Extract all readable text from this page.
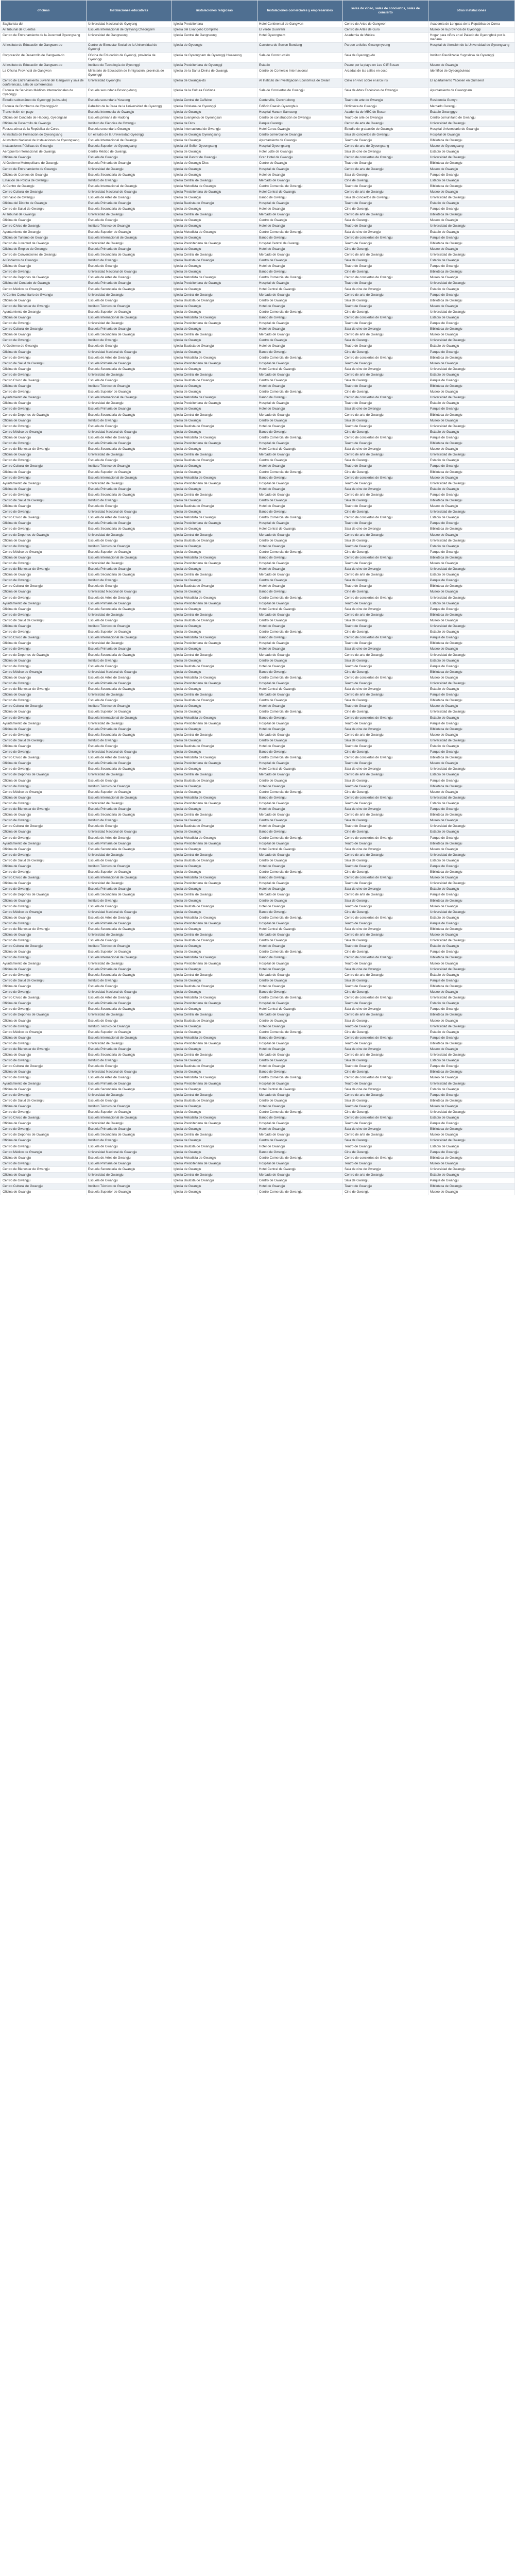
oficinas	Instalaciones educativas	instalaciones religiosas	Instalaciones comerciales y empresariales	salas de vídeo, salas de conciertos, salas de concierto	otras instalaciones
Sagitarista dbl	Universidad Nacional de Gyeyang	Iglesia Presbiteriana	Hotel Continental de Gangwon	Centro de Artes de Gangwon	Academia de Lenguas de la República de Corea
Al Tribunal de Cuentas	Escuela Internacional de Gyeyang Cheongsim	Iglesia del Evangelio Completo	El verde Duonfeni	Centro de Artes de Guro	Museo de la provincia de Gyeonggi
Centro de Entrenamiento de la Juventud Gyeongsang	Universidad de Gangneung	Iglesia Central de Gangneung	Hotel Gyeongnam	Academia de Música	Hogar para niños en el Palacio de Gyeongbok por la mañana
Al Instituto de Educación de Gangwon-do	Centro de Bienestar Social de la Universidad de Gyeongi	Iglesia de Gyeongju	Carretera de Suwon Bundang	Parque artístico Gwangmyeong	Hospital de Atención de la Universidad de Gyeongsang
Corporación de Desarrollo de Gangwon-do	Oficina de Educación de Gyeongi, provincia de Gyeonggi	Iglesia de Gyeongnam de Gyeonggi Hwaseong	Sala de Construcción	Sala de Gyeonggi-do	Instituto Reutilizable Yugoslava de Gyeonggi
Al Instituto de Educación de Gangwon-do	Instituto de Tecnología de Gyeonggi	Iglesia Presbiteriana de Gyeonggi	Estadio	Pasee por la playa en Lee Cliff Busan	Museo de Gwangju
La Oficina Provincial de Gangwon	Ministerio de Educación de Inmigración, provincia de Gyeonggi	Iglesia de la Santa Divina de Gwangju	Centro de Comercio Internacional	Arcadas de las calles en coco	Identificó de Gyeongbuknae
Centro de Entrenamiento Juvenil del Gangwon y sala de conferencias, sala de conferencias	Universidad Gyeonghu	Iglesia de Gwangju-do	Al Instituto de Investigación Económica de Gwain	Cielo en vivo sobre el arco iris	El apartamento Yacesen en Gumseol
Escuela de Servicios Médicos Internacionales de Gyeonggi	Escuela secundaria Bosong-dong	Iglesia de la Cultura Gúdinca	Sala de Conciertos de Gwangju	Sala de Artes Escénicas de Gwangju	Ayuntamiento de Gwangnam
Estudio subterráneo de Gyeonggi (subsuelo)	Escuela secundaria Yuseong	Iglesia Central de Caffeine	Centerville, Danchi-dong	Teatro de arte de Gwangju	Residencia Gumyo
Escuela de Bomberos de Gyeonggi-do	Pabellón de la Casa de la Universidad de Gyeonggi	Iglesia Cristiana de Gyeonggi	Edificio Daesin Gyeongbuk	Biblioteca de Gwangju	Mercado Gwangju
Transmisión sin pago	Escuela Intermedia de Gwangju	Iglesia de Gwangju	Hospital Hanam Samsung	Academia de MBC de Busan	Estadio Gwanggyo
Oficina del Condado de Hadong, Gyeongsan	Escuela primaria de Hadong	Iglesia Evangélica de Gyeongsan	Centro de construcción de Gwangju	Teatro de arte de Gwangju	Centro comunitario de Gwangju
Oficina de Desarrollo de Gwangju	Instituto de Ciencias de Gwangju	Iglesia de Dios	Parque Gwangju	Centro de arte de Gwangju	Universidad de Gwangju
Fuerza aérea de la República de Corea	Escuela secundaria Gwangju	Iglesia Internacional de Gwangju	Hotel Corea Gwangju	Estudio de grabación de Gwangju	Hospital Universitario de Gwangju
Al Instituto de Formación de Gyeongsang	Un estudio de la Universidad Gyeonggi	Iglesia de Gwangju Gyeongsang	Centro comercial de Gwangju	Sala de conciertos de Gwangju	Hospital de Gwangju
Al Instituto Nacional de Instalaciones de Gyeongsang	Escuela Internacional de Gwangju	Iglesia de Gwangju	Ayuntamiento de Gwangju	Teatro de Gwangju	Biblioteca de Gwangju
Instalaciones Públicas de Gwangju	Escuela Superior de Gyeongsang	Iglesia del Señor Gyeongsang	Hospital Gyeongsang	Centro de arte de Gyeongsang	Museo de Gyeongsang
Aeropuerto Internacional de Gwangju	Centro Médico de Gwangju	Iglesia de Gwangju	Hotel Lotte de Gwangju	Sala de cine de Gwangju	Estadio de Gwangju
Oficina de Gwangju	Escuela de Gwangju	Iglesia del Pastor de Gwangju	Gran Hotel de Gwangju	Centro de conciertos de Gwangju	Universidad de Gwangju
Al Gobierno Metropolitano de Gwangju	Escuela Primaria de Gwangju	Iglesia de Gwangju Dios	Centro de Gwangju	Teatro de Gwangju	Biblioteca de Gwangju
Centro de Entrenamiento de Gwangju	Universidad de Gwangju	Iglesia de Gwangju	Hospital de Gwangju	Centro de arte de Gwangju	Museo de Gwangju
Oficina de Correos de Gwangju	Escuela Secundaria de Gwangju	Iglesia de Gwangju	Hotel de Gwangju	Sala de Gwangju	Parque de Gwangju
Estación de Policía de Gwangju	Instituto de Gwangju	Iglesia Central de Gwangju	Mercado de Gwangju	Cine de Gwangju	Estadio de Gwangju
Al Centro de Gwangju	Escuela Internacional de Gwangju	Iglesia Metodista de Gwangju	Centro Comercial de Gwangju	Teatro de Gwangju	Biblioteca de Gwangju
Centro Cultural de Gwangju	Universidad Nacional de Gwangju	Iglesia Presbiteriana de Gwangju	Hotel Central de Gwangju	Centro de arte de Gwangju	Museo de Gwangju
Gimnasio de Gwangju	Escuela de Artes de Gwangju	Iglesia de Gwangju	Banco de Gwangju	Sala de conciertos de Gwangju	Universidad de Gwangju
Oficina del Distrito de Gwangju	Escuela Primaria de Gwangju	Iglesia Bautista de Gwangju	Hospital de Gwangju	Teatro de Gwangju	Estadio de Gwangju
Centro de Salud de Gwangju	Escuela Secundaria de Gwangju	Iglesia de Gwangju	Hotel de Gwangju	Cine de Gwangju	Parque de Gwangju
Al Tribunal de Gwangju	Universidad de Gwangju	Iglesia Central de Gwangju	Mercado de Gwangju	Centro de arte de Gwangju	Biblioteca de Gwangju
Oficina de Gwangju	Escuela de Gwangju	Iglesia de Gwangju	Centro de Gwangju	Sala de Gwangju	Museo de Gwangju
Centro Cívico de Gwangju	Instituto Técnico de Gwangju	Iglesia de Gwangju	Hotel de Gwangju	Teatro de Gwangju	Universidad de Gwangju
Ayuntamiento de Gwangju	Escuela Superior de Gwangju	Iglesia Metodista de Gwangju	Centro Comercial de Gwangju	Sala de cine de Gwangju	Estadio de Gwangju
Oficina de Turismo de Gwangju	Escuela Internacional de Gwangju	Iglesia de Gwangju	Banco de Gwangju	Centro de conciertos de Gwangju	Parque de Gwangju
Centro de Juventud de Gwangju	Universidad de Gwangju	Iglesia Presbiteriana de Gwangju	Hospital Central de Gwangju	Teatro de Gwangju	Biblioteca de Gwangju
Oficina de Empleo de Gwangju	Escuela Primaria de Gwangju	Iglesia de Gwangju	Hotel de Gwangju	Cine de Gwangju	Museo de Gwangju
Centro de Convenciones de Gwangju	Escuela Secundaria de Gwangju	Iglesia Central de Gwangju	Mercado de Gwangju	Centro de arte de Gwangju	Universidad de Gwangju
Al Gobierno de Gwangju	Instituto de Gwangju	Iglesia Bautista de Gwangju	Centro de Gwangju	Sala de Gwangju	Estadio de Gwangju
Oficina de Gwangju	Escuela de Gwangju	Iglesia de Gwangju	Hotel de Gwangju	Teatro de Gwangju	Parque de Gwangju
Centro de Gwangju	Universidad Nacional de Gwangju	Iglesia de Gwangju	Banco de Gwangju	Cine de Gwangju	Biblioteca de Gwangju
Centro de Deportes de Gwangju	Escuela de Artes de Gwangju	Iglesia Metodista de Gwangju	Centro Comercial de Gwangju	Centro de conciertos de Gwangju	Museo de Gwangju
Oficina del Condado de Gwangju	Escuela Primaria de Gwangju	Iglesia Presbiteriana de Gwangju	Hospital de Gwangju	Teatro de Gwangju	Universidad de Gwangju
Centro Médico de Gwangju	Escuela Secundaria de Gwangju	Iglesia de Gwangju	Hotel Central de Gwangju	Sala de cine de Gwangju	Estadio de Gwangju
Al Centro Comunitario de Gwangju	Universidad de Gwangju	Iglesia Central de Gwangju	Mercado de Gwangju	Centro de arte de Gwangju	Parque de Gwangju
Oficina de Gwangju	Escuela de Gwangju	Iglesia Bautista de Gwangju	Centro de Gwangju	Sala de Gwangju	Biblioteca de Gwangju
Centro de Bienestar de Gwangju	Instituto Técnico de Gwangju	Iglesia de Gwangju	Hotel de Gwangju	Teatro de Gwangju	Museo de Gwangju
Ayuntamiento de Gwangju	Escuela Superior de Gwangju	Iglesia de Gwangju	Centro Comercial de Gwangju	Cine de Gwangju	Universidad de Gwangju
Oficina de Gwangju	Escuela Internacional de Gwangju	Iglesia Metodista de Gwangju	Banco de Gwangju	Centro de conciertos de Gwangju	Estadio de Gwangju
Centro de Gwangju	Universidad de Gwangju	Iglesia Presbiteriana de Gwangju	Hospital de Gwangju	Teatro de Gwangju	Parque de Gwangju
Centro Cultural de Gwangju	Escuela Primaria de Gwangju	Iglesia de Gwangju	Hotel de Gwangju	Sala de cine de Gwangju	Biblioteca de Gwangju
Oficina de Gwangju	Escuela Secundaria de Gwangju	Iglesia Central de Gwangju	Mercado de Gwangju	Centro de arte de Gwangju	Museo de Gwangju
Centro de Gwangju	Instituto de Gwangju	Iglesia de Gwangju	Centro de Gwangju	Sala de Gwangju	Universidad de Gwangju
Al Gobierno de Gwangju	Escuela de Gwangju	Iglesia Bautista de Gwangju	Hotel de Gwangju	Teatro de Gwangju	Estadio de Gwangju
Oficina de Gwangju	Universidad Nacional de Gwangju	Iglesia de Gwangju	Banco de Gwangju	Cine de Gwangju	Parque de Gwangju
Centro de Gwangju	Escuela de Artes de Gwangju	Iglesia Metodista de Gwangju	Centro Comercial de Gwangju	Centro de conciertos de Gwangju	Biblioteca de Gwangju
Centro de Salud de Gwangju	Escuela Primaria de Gwangju	Iglesia Presbiteriana de Gwangju	Hospital de Gwangju	Teatro de Gwangju	Museo de Gwangju
Oficina de Gwangju	Escuela Secundaria de Gwangju	Iglesia de Gwangju	Hotel Central de Gwangju	Sala de cine de Gwangju	Universidad de Gwangju
Centro de Gwangju	Universidad de Gwangju	Iglesia Central de Gwangju	Mercado de Gwangju	Centro de arte de Gwangju	Estadio de Gwangju
Centro Cívico de Gwangju	Escuela de Gwangju	Iglesia Bautista de Gwangju	Centro de Gwangju	Sala de Gwangju	Parque de Gwangju
Oficina de Gwangju	Instituto Técnico de Gwangju	Iglesia de Gwangju	Hotel de Gwangju	Teatro de Gwangju	Biblioteca de Gwangju
Centro de Gwangju	Escuela Superior de Gwangju	Iglesia de Gwangju	Centro Comercial de Gwangju	Cine de Gwangju	Museo de Gwangju
Ayuntamiento de Gwangju	Escuela Internacional de Gwangju	Iglesia Metodista de Gwangju	Banco de Gwangju	Centro de conciertos de Gwangju	Universidad de Gwangju
Oficina de Gwangju	Universidad de Gwangju	Iglesia Presbiteriana de Gwangju	Hospital de Gwangju	Teatro de Gwangju	Estadio de Gwangju
Centro de Gwangju	Escuela Primaria de Gwangju	Iglesia de Gwangju	Hotel de Gwangju	Sala de cine de Gwangju	Parque de Gwangju
Centro de Deportes de Gwangju	Escuela Secundaria de Gwangju	Iglesia Central de Gwangju	Mercado de Gwangju	Centro de arte de Gwangju	Biblioteca de Gwangju
Oficina de Gwangju	Instituto de Gwangju	Iglesia de Gwangju	Centro de Gwangju	Sala de Gwangju	Museo de Gwangju
Centro de Gwangju	Escuela de Gwangju	Iglesia Bautista de Gwangju	Hotel de Gwangju	Teatro de Gwangju	Universidad de Gwangju
Centro Médico de Gwangju	Universidad Nacional de Gwangju	Iglesia de Gwangju	Banco de Gwangju	Cine de Gwangju	Estadio de Gwangju
Oficina de Gwangju	Escuela de Artes de Gwangju	Iglesia Metodista de Gwangju	Centro Comercial de Gwangju	Centro de conciertos de Gwangju	Parque de Gwangju
Centro de Gwangju	Escuela Primaria de Gwangju	Iglesia Presbiteriana de Gwangju	Hospital de Gwangju	Teatro de Gwangju	Biblioteca de Gwangju
Centro de Bienestar de Gwangju	Escuela Secundaria de Gwangju	Iglesia de Gwangju	Hotel Central de Gwangju	Sala de cine de Gwangju	Museo de Gwangju
Oficina de Gwangju	Universidad de Gwangju	Iglesia Central de Gwangju	Mercado de Gwangju	Centro de arte de Gwangju	Universidad de Gwangju
Centro de Gwangju	Escuela de Gwangju	Iglesia Bautista de Gwangju	Centro de Gwangju	Sala de Gwangju	Estadio de Gwangju
Centro Cultural de Gwangju	Instituto Técnico de Gwangju	Iglesia de Gwangju	Hotel de Gwangju	Teatro de Gwangju	Parque de Gwangju
Oficina de Gwangju	Escuela Superior de Gwangju	Iglesia de Gwangju	Centro Comercial de Gwangju	Cine de Gwangju	Biblioteca de Gwangju
Centro de Gwangju	Escuela Internacional de Gwangju	Iglesia Metodista de Gwangju	Banco de Gwangju	Centro de conciertos de Gwangju	Museo de Gwangju
Ayuntamiento de Gwangju	Universidad de Gwangju	Iglesia Presbiteriana de Gwangju	Hospital de Gwangju	Teatro de Gwangju	Universidad de Gwangju
Oficina de Gwangju	Escuela Primaria de Gwangju	Iglesia de Gwangju	Hotel de Gwangju	Sala de cine de Gwangju	Estadio de Gwangju
Centro de Gwangju	Escuela Secundaria de Gwangju	Iglesia Central de Gwangju	Mercado de Gwangju	Centro de arte de Gwangju	Parque de Gwangju
Centro de Salud de Gwangju	Instituto de Gwangju	Iglesia de Gwangju	Centro de Gwangju	Sala de Gwangju	Biblioteca de Gwangju
Oficina de Gwangju	Escuela de Gwangju	Iglesia Bautista de Gwangju	Hotel de Gwangju	Teatro de Gwangju	Museo de Gwangju
Centro de Gwangju	Universidad Nacional de Gwangju	Iglesia de Gwangju	Banco de Gwangju	Cine de Gwangju	Universidad de Gwangju
Centro Cívico de Gwangju	Escuela de Artes de Gwangju	Iglesia Metodista de Gwangju	Centro Comercial de Gwangju	Centro de conciertos de Gwangju	Estadio de Gwangju
Oficina de Gwangju	Escuela Primaria de Gwangju	Iglesia Presbiteriana de Gwangju	Hospital de Gwangju	Teatro de Gwangju	Parque de Gwangju
Centro de Gwangju	Escuela Secundaria de Gwangju	Iglesia de Gwangju	Hotel Central de Gwangju	Sala de cine de Gwangju	Biblioteca de Gwangju
Centro de Deportes de Gwangju	Universidad de Gwangju	Iglesia Central de Gwangju	Mercado de Gwangju	Centro de arte de Gwangju	Museo de Gwangju
Oficina de Gwangju	Escuela de Gwangju	Iglesia Bautista de Gwangju	Centro de Gwangju	Sala de Gwangju	Universidad de Gwangju
Centro de Gwangju	Instituto Técnico de Gwangju	Iglesia de Gwangju	Hotel de Gwangju	Teatro de Gwangju	Estadio de Gwangju
Centro Médico de Gwangju	Escuela Superior de Gwangju	Iglesia de Gwangju	Centro Comercial de Gwangju	Cine de Gwangju	Parque de Gwangju
Oficina de Gwangju	Escuela Internacional de Gwangju	Iglesia Metodista de Gwangju	Banco de Gwangju	Centro de conciertos de Gwangju	Biblioteca de Gwangju
Centro de Gwangju	Universidad de Gwangju	Iglesia Presbiteriana de Gwangju	Hospital de Gwangju	Teatro de Gwangju	Museo de Gwangju
Centro de Bienestar de Gwangju	Escuela Primaria de Gwangju	Iglesia de Gwangju	Hotel de Gwangju	Sala de cine de Gwangju	Universidad de Gwangju
Oficina de Gwangju	Escuela Secundaria de Gwangju	Iglesia Central de Gwangju	Mercado de Gwangju	Centro de arte de Gwangju	Estadio de Gwangju
Centro de Gwangju	Instituto de Gwangju	Iglesia de Gwangju	Centro de Gwangju	Sala de Gwangju	Parque de Gwangju
Centro Cultural de Gwangju	Escuela de Gwangju	Iglesia Bautista de Gwangju	Hotel de Gwangju	Teatro de Gwangju	Biblioteca de Gwangju
Oficina de Gwangju	Universidad Nacional de Gwangju	Iglesia de Gwangju	Banco de Gwangju	Cine de Gwangju	Museo de Gwangju
Centro de Gwangju	Escuela de Artes de Gwangju	Iglesia Metodista de Gwangju	Centro Comercial de Gwangju	Centro de conciertos de Gwangju	Universidad de Gwangju
Ayuntamiento de Gwangju	Escuela Primaria de Gwangju	Iglesia Presbiteriana de Gwangju	Hospital de Gwangju	Teatro de Gwangju	Estadio de Gwangju
Oficina de Gwangju	Escuela Secundaria de Gwangju	Iglesia de Gwangju	Hotel Central de Gwangju	Sala de cine de Gwangju	Parque de Gwangju
Centro de Gwangju	Universidad de Gwangju	Iglesia Central de Gwangju	Mercado de Gwangju	Centro de arte de Gwangju	Biblioteca de Gwangju
Centro de Salud de Gwangju	Escuela de Gwangju	Iglesia Bautista de Gwangju	Centro de Gwangju	Sala de Gwangju	Museo de Gwangju
Oficina de Gwangju	Instituto Técnico de Gwangju	Iglesia de Gwangju	Hotel de Gwangju	Teatro de Gwangju	Universidad de Gwangju
Centro de Gwangju	Escuela Superior de Gwangju	Iglesia de Gwangju	Centro Comercial de Gwangju	Cine de Gwangju	Estadio de Gwangju
Centro Cívico de Gwangju	Escuela Internacional de Gwangju	Iglesia Metodista de Gwangju	Banco de Gwangju	Centro de conciertos de Gwangju	Parque de Gwangju
Oficina de Gwangju	Universidad de Gwangju	Iglesia Presbiteriana de Gwangju	Hospital de Gwangju	Teatro de Gwangju	Biblioteca de Gwangju
Centro de Gwangju	Escuela Primaria de Gwangju	Iglesia de Gwangju	Hotel de Gwangju	Sala de cine de Gwangju	Museo de Gwangju
Centro de Deportes de Gwangju	Escuela Secundaria de Gwangju	Iglesia Central de Gwangju	Mercado de Gwangju	Centro de arte de Gwangju	Universidad de Gwangju
Oficina de Gwangju	Instituto de Gwangju	Iglesia de Gwangju	Centro de Gwangju	Sala de Gwangju	Estadio de Gwangju
Centro de Gwangju	Escuela de Gwangju	Iglesia Bautista de Gwangju	Hotel de Gwangju	Teatro de Gwangju	Parque de Gwangju
Centro Médico de Gwangju	Universidad Nacional de Gwangju	Iglesia de Gwangju	Banco de Gwangju	Cine de Gwangju	Biblioteca de Gwangju
Oficina de Gwangju	Escuela de Artes de Gwangju	Iglesia Metodista de Gwangju	Centro Comercial de Gwangju	Centro de conciertos de Gwangju	Museo de Gwangju
Centro de Gwangju	Escuela Primaria de Gwangju	Iglesia Presbiteriana de Gwangju	Hospital de Gwangju	Teatro de Gwangju	Universidad de Gwangju
Centro de Bienestar de Gwangju	Escuela Secundaria de Gwangju	Iglesia de Gwangju	Hotel Central de Gwangju	Sala de cine de Gwangju	Estadio de Gwangju
Oficina de Gwangju	Universidad de Gwangju	Iglesia Central de Gwangju	Mercado de Gwangju	Centro de arte de Gwangju	Parque de Gwangju
Centro de Gwangju	Escuela de Gwangju	Iglesia Bautista de Gwangju	Centro de Gwangju	Sala de Gwangju	Biblioteca de Gwangju
Centro Cultural de Gwangju	Instituto Técnico de Gwangju	Iglesia de Gwangju	Hotel de Gwangju	Teatro de Gwangju	Museo de Gwangju
Oficina de Gwangju	Escuela Superior de Gwangju	Iglesia de Gwangju	Centro Comercial de Gwangju	Cine de Gwangju	Universidad de Gwangju
Centro de Gwangju	Escuela Internacional de Gwangju	Iglesia Metodista de Gwangju	Banco de Gwangju	Centro de conciertos de Gwangju	Estadio de Gwangju
Ayuntamiento de Gwangju	Universidad de Gwangju	Iglesia Presbiteriana de Gwangju	Hospital de Gwangju	Teatro de Gwangju	Parque de Gwangju
Oficina de Gwangju	Escuela Primaria de Gwangju	Iglesia de Gwangju	Hotel de Gwangju	Sala de cine de Gwangju	Biblioteca de Gwangju
Centro de Gwangju	Escuela Secundaria de Gwangju	Iglesia Central de Gwangju	Mercado de Gwangju	Centro de arte de Gwangju	Museo de Gwangju
Centro de Salud de Gwangju	Instituto de Gwangju	Iglesia de Gwangju	Centro de Gwangju	Sala de Gwangju	Universidad de Gwangju
Oficina de Gwangju	Escuela de Gwangju	Iglesia Bautista de Gwangju	Hotel de Gwangju	Teatro de Gwangju	Estadio de Gwangju
Centro de Gwangju	Universidad Nacional de Gwangju	Iglesia de Gwangju	Banco de Gwangju	Cine de Gwangju	Parque de Gwangju
Centro Cívico de Gwangju	Escuela de Artes de Gwangju	Iglesia Metodista de Gwangju	Centro Comercial de Gwangju	Centro de conciertos de Gwangju	Biblioteca de Gwangju
Oficina de Gwangju	Escuela Primaria de Gwangju	Iglesia Presbiteriana de Gwangju	Hospital de Gwangju	Teatro de Gwangju	Museo de Gwangju
Centro de Gwangju	Escuela Secundaria de Gwangju	Iglesia de Gwangju	Hotel Central de Gwangju	Sala de cine de Gwangju	Universidad de Gwangju
Centro de Deportes de Gwangju	Universidad de Gwangju	Iglesia Central de Gwangju	Mercado de Gwangju	Centro de arte de Gwangju	Estadio de Gwangju
Oficina de Gwangju	Escuela de Gwangju	Iglesia Bautista de Gwangju	Centro de Gwangju	Sala de Gwangju	Parque de Gwangju
Centro de Gwangju	Instituto Técnico de Gwangju	Iglesia de Gwangju	Hotel de Gwangju	Teatro de Gwangju	Biblioteca de Gwangju
Centro Médico de Gwangju	Escuela Superior de Gwangju	Iglesia de Gwangju	Centro Comercial de Gwangju	Cine de Gwangju	Museo de Gwangju
Oficina de Gwangju	Escuela Internacional de Gwangju	Iglesia Metodista de Gwangju	Banco de Gwangju	Centro de conciertos de Gwangju	Universidad de Gwangju
Centro de Gwangju	Universidad de Gwangju	Iglesia Presbiteriana de Gwangju	Hospital de Gwangju	Teatro de Gwangju	Estadio de Gwangju
Centro de Bienestar de Gwangju	Escuela Primaria de Gwangju	Iglesia de Gwangju	Hotel de Gwangju	Sala de cine de Gwangju	Parque de Gwangju
Oficina de Gwangju	Escuela Secundaria de Gwangju	Iglesia Central de Gwangju	Mercado de Gwangju	Centro de arte de Gwangju	Biblioteca de Gwangju
Centro de Gwangju	Instituto de Gwangju	Iglesia de Gwangju	Centro de Gwangju	Sala de Gwangju	Museo de Gwangju
Centro Cultural de Gwangju	Escuela de Gwangju	Iglesia Bautista de Gwangju	Hotel de Gwangju	Teatro de Gwangju	Universidad de Gwangju
Oficina de Gwangju	Universidad Nacional de Gwangju	Iglesia de Gwangju	Banco de Gwangju	Cine de Gwangju	Estadio de Gwangju
Centro de Gwangju	Escuela de Artes de Gwangju	Iglesia Metodista de Gwangju	Centro Comercial de Gwangju	Centro de conciertos de Gwangju	Parque de Gwangju
Ayuntamiento de Gwangju	Escuela Primaria de Gwangju	Iglesia Presbiteriana de Gwangju	Hospital de Gwangju	Teatro de Gwangju	Biblioteca de Gwangju
Oficina de Gwangju	Escuela Secundaria de Gwangju	Iglesia de Gwangju	Hotel Central de Gwangju	Sala de cine de Gwangju	Museo de Gwangju
Centro de Gwangju	Universidad de Gwangju	Iglesia Central de Gwangju	Mercado de Gwangju	Centro de arte de Gwangju	Universidad de Gwangju
Centro de Salud de Gwangju	Escuela de Gwangju	Iglesia Bautista de Gwangju	Centro de Gwangju	Sala de Gwangju	Estadio de Gwangju
Oficina de Gwangju	Instituto Técnico de Gwangju	Iglesia de Gwangju	Hotel de Gwangju	Teatro de Gwangju	Parque de Gwangju
Centro de Gwangju	Escuela Superior de Gwangju	Iglesia de Gwangju	Centro Comercial de Gwangju	Cine de Gwangju	Biblioteca de Gwangju
Centro Cívico de Gwangju	Escuela Internacional de Gwangju	Iglesia Metodista de Gwangju	Banco de Gwangju	Centro de conciertos de Gwangju	Museo de Gwangju
Oficina de Gwangju	Universidad de Gwangju	Iglesia Presbiteriana de Gwangju	Hospital de Gwangju	Teatro de Gwangju	Universidad de Gwangju
Centro de Gwangju	Escuela Primaria de Gwangju	Iglesia de Gwangju	Hotel de Gwangju	Sala de cine de Gwangju	Estadio de Gwangju
Centro de Deportes de Gwangju	Escuela Secundaria de Gwangju	Iglesia Central de Gwangju	Mercado de Gwangju	Centro de arte de Gwangju	Parque de Gwangju
Oficina de Gwangju	Instituto de Gwangju	Iglesia de Gwangju	Centro de Gwangju	Sala de Gwangju	Biblioteca de Gwangju
Centro de Gwangju	Escuela de Gwangju	Iglesia Bautista de Gwangju	Hotel de Gwangju	Teatro de Gwangju	Museo de Gwangju
Centro Médico de Gwangju	Universidad Nacional de Gwangju	Iglesia de Gwangju	Banco de Gwangju	Cine de Gwangju	Universidad de Gwangju
Oficina de Gwangju	Escuela de Artes de Gwangju	Iglesia Metodista de Gwangju	Centro Comercial de Gwangju	Centro de conciertos de Gwangju	Estadio de Gwangju
Centro de Gwangju	Escuela Primaria de Gwangju	Iglesia Presbiteriana de Gwangju	Hospital de Gwangju	Teatro de Gwangju	Parque de Gwangju
Centro de Bienestar de Gwangju	Escuela Secundaria de Gwangju	Iglesia de Gwangju	Hotel Central de Gwangju	Sala de cine de Gwangju	Biblioteca de Gwangju
Oficina de Gwangju	Universidad de Gwangju	Iglesia Central de Gwangju	Mercado de Gwangju	Centro de arte de Gwangju	Museo de Gwangju
Centro de Gwangju	Escuela de Gwangju	Iglesia Bautista de Gwangju	Centro de Gwangju	Sala de Gwangju	Universidad de Gwangju
Centro Cultural de Gwangju	Instituto Técnico de Gwangju	Iglesia de Gwangju	Hotel de Gwangju	Teatro de Gwangju	Estadio de Gwangju
Oficina de Gwangju	Escuela Superior de Gwangju	Iglesia de Gwangju	Centro Comercial de Gwangju	Cine de Gwangju	Parque de Gwangju
Centro de Gwangju	Escuela Internacional de Gwangju	Iglesia Metodista de Gwangju	Banco de Gwangju	Centro de conciertos de Gwangju	Biblioteca de Gwangju
Ayuntamiento de Gwangju	Universidad de Gwangju	Iglesia Presbiteriana de Gwangju	Hospital de Gwangju	Teatro de Gwangju	Museo de Gwangju
Oficina de Gwangju	Escuela Primaria de Gwangju	Iglesia de Gwangju	Hotel de Gwangju	Sala de cine de Gwangju	Universidad de Gwangju
Centro de Gwangju	Escuela Secundaria de Gwangju	Iglesia Central de Gwangju	Mercado de Gwangju	Centro de arte de Gwangju	Estadio de Gwangju
Centro de Salud de Gwangju	Instituto de Gwangju	Iglesia de Gwangju	Centro de Gwangju	Sala de Gwangju	Parque de Gwangju
Oficina de Gwangju	Escuela de Gwangju	Iglesia Bautista de Gwangju	Hotel de Gwangju	Teatro de Gwangju	Biblioteca de Gwangju
Centro de Gwangju	Universidad Nacional de Gwangju	Iglesia de Gwangju	Banco de Gwangju	Cine de Gwangju	Museo de Gwangju
Centro Cívico de Gwangju	Escuela de Artes de Gwangju	Iglesia Metodista de Gwangju	Centro Comercial de Gwangju	Centro de conciertos de Gwangju	Universidad de Gwangju
Oficina de Gwangju	Escuela Primaria de Gwangju	Iglesia Presbiteriana de Gwangju	Hospital de Gwangju	Teatro de Gwangju	Estadio de Gwangju
Centro de Gwangju	Escuela Secundaria de Gwangju	Iglesia de Gwangju	Hotel Central de Gwangju	Sala de cine de Gwangju	Parque de Gwangju
Centro de Deportes de Gwangju	Universidad de Gwangju	Iglesia Central de Gwangju	Mercado de Gwangju	Centro de arte de Gwangju	Biblioteca de Gwangju
Oficina de Gwangju	Escuela de Gwangju	Iglesia Bautista de Gwangju	Centro de Gwangju	Sala de Gwangju	Museo de Gwangju
Centro de Gwangju	Instituto Técnico de Gwangju	Iglesia de Gwangju	Hotel de Gwangju	Teatro de Gwangju	Universidad de Gwangju
Centro Médico de Gwangju	Escuela Superior de Gwangju	Iglesia de Gwangju	Centro Comercial de Gwangju	Cine de Gwangju	Estadio de Gwangju
Oficina de Gwangju	Escuela Internacional de Gwangju	Iglesia Metodista de Gwangju	Banco de Gwangju	Centro de conciertos de Gwangju	Parque de Gwangju
Centro de Gwangju	Universidad de Gwangju	Iglesia Presbiteriana de Gwangju	Hospital de Gwangju	Teatro de Gwangju	Biblioteca de Gwangju
Centro de Bienestar de Gwangju	Escuela Primaria de Gwangju	Iglesia de Gwangju	Hotel de Gwangju	Sala de cine de Gwangju	Museo de Gwangju
Oficina de Gwangju	Escuela Secundaria de Gwangju	Iglesia Central de Gwangju	Mercado de Gwangju	Centro de arte de Gwangju	Universidad de Gwangju
Centro de Gwangju	Instituto de Gwangju	Iglesia de Gwangju	Centro de Gwangju	Sala de Gwangju	Estadio de Gwangju
Centro Cultural de Gwangju	Escuela de Gwangju	Iglesia Bautista de Gwangju	Hotel de Gwangju	Teatro de Gwangju	Parque de Gwangju
Oficina de Gwangju	Universidad Nacional de Gwangju	Iglesia de Gwangju	Banco de Gwangju	Cine de Gwangju	Biblioteca de Gwangju
Centro de Gwangju	Escuela de Artes de Gwangju	Iglesia Metodista de Gwangju	Centro Comercial de Gwangju	Centro de conciertos de Gwangju	Museo de Gwangju
Ayuntamiento de Gwangju	Escuela Primaria de Gwangju	Iglesia Presbiteriana de Gwangju	Hospital de Gwangju	Teatro de Gwangju	Universidad de Gwangju
Oficina de Gwangju	Escuela Secundaria de Gwangju	Iglesia de Gwangju	Hotel Central de Gwangju	Sala de cine de Gwangju	Estadio de Gwangju
Centro de Gwangju	Universidad de Gwangju	Iglesia Central de Gwangju	Mercado de Gwangju	Centro de arte de Gwangju	Parque de Gwangju
Centro de Salud de Gwangju	Escuela de Gwangju	Iglesia Bautista de Gwangju	Centro de Gwangju	Sala de Gwangju	Biblioteca de Gwangju
Oficina de Gwangju	Instituto Técnico de Gwangju	Iglesia de Gwangju	Hotel de Gwangju	Teatro de Gwangju	Museo de Gwangju
Centro de Gwangju	Escuela Superior de Gwangju	Iglesia de Gwangju	Centro Comercial de Gwangju	Cine de Gwangju	Universidad de Gwangju
Centro Cívico de Gwangju	Escuela Internacional de Gwangju	Iglesia Metodista de Gwangju	Banco de Gwangju	Centro de conciertos de Gwangju	Estadio de Gwangju
Oficina de Gwangju	Universidad de Gwangju	Iglesia Presbiteriana de Gwangju	Hospital de Gwangju	Teatro de Gwangju	Parque de Gwangju
Centro de Gwangju	Escuela Primaria de Gwangju	Iglesia de Gwangju	Hotel de Gwangju	Sala de cine de Gwangju	Biblioteca de Gwangju
Centro de Deportes de Gwangju	Escuela Secundaria de Gwangju	Iglesia Central de Gwangju	Mercado de Gwangju	Centro de arte de Gwangju	Museo de Gwangju
Oficina de Gwangju	Instituto de Gwangju	Iglesia de Gwangju	Centro de Gwangju	Sala de Gwangju	Universidad de Gwangju
Centro de Gwangju	Escuela de Gwangju	Iglesia Bautista de Gwangju	Hotel de Gwangju	Teatro de Gwangju	Estadio de Gwangju
Centro Médico de Gwangju	Universidad Nacional de Gwangju	Iglesia de Gwangju	Banco de Gwangju	Cine de Gwangju	Parque de Gwangju
Oficina de Gwangju	Escuela de Artes de Gwangju	Iglesia Metodista de Gwangju	Centro Comercial de Gwangju	Centro de conciertos de Gwangju	Biblioteca de Gwangju
Centro de Gwangju	Escuela Primaria de Gwangju	Iglesia Presbiteriana de Gwangju	Hospital de Gwangju	Teatro de Gwangju	Museo de Gwangju
Centro de Bienestar de Gwangju	Escuela Secundaria de Gwangju	Iglesia de Gwangju	Hotel Central de Gwangju	Sala de cine de Gwangju	Universidad de Gwangju
Oficina de Gwangju	Universidad de Gwangju	Iglesia Central de Gwangju	Mercado de Gwangju	Centro de arte de Gwangju	Estadio de Gwangju
Centro de Gwangju	Escuela de Gwangju	Iglesia Bautista de Gwangju	Centro de Gwangju	Sala de Gwangju	Parque de Gwangju
Centro Cultural de Gwangju	Instituto Técnico de Gwangju	Iglesia de Gwangju	Hotel de Gwangju	Teatro de Gwangju	Biblioteca de Gwangju
Oficina de Gwangju	Escuela Superior de Gwangju	Iglesia de Gwangju	Centro Comercial de Gwangju	Cine de Gwangju	Museo de Gwangju
